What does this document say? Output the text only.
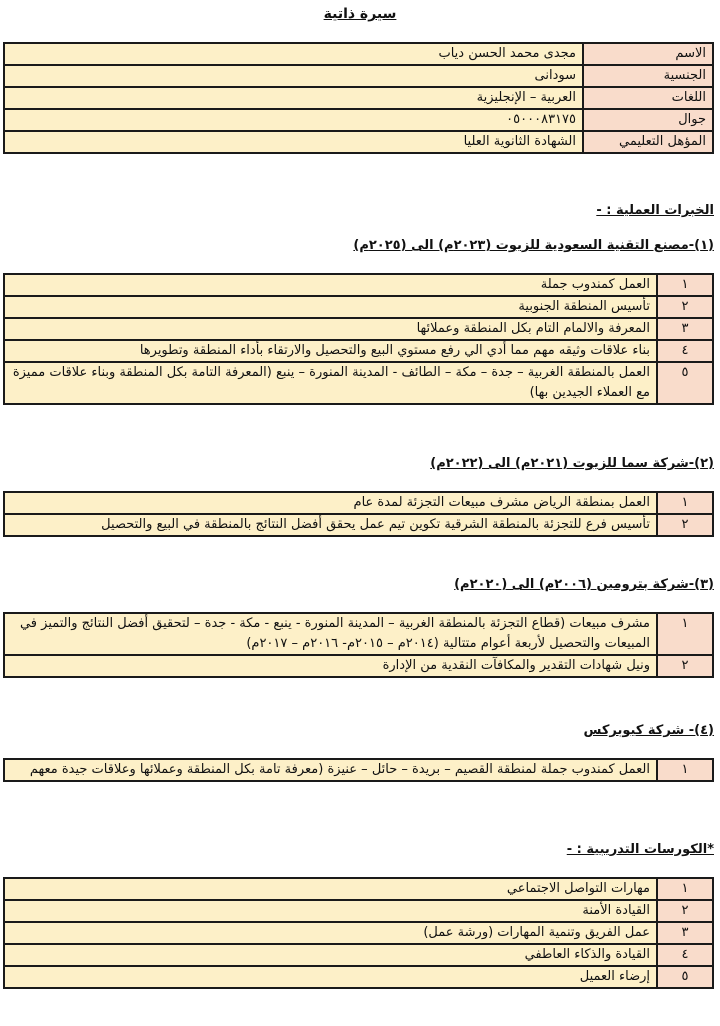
سيرة ذاتية
الاسم	مجدى محمد الحسن دياب
الجنسية	سودانى
اللغات	العربية – الإنجليزية
جوال	٠٥٠٠٠٨٣١٧٥
المؤهل التعليمي	الشهادة الثانوية العليا
الخبرات العملية : -
(١)-مصنع التقنية السعودية للزيوت (٢٠٢٣م) الى (٢٠٢٥م)
١	العمل كمندوب جملة
٢	تأسيس المنطقة الجنوبية
٣	المعرفة والالمام التام بكل المنطقة وعملائها
٤	بناء علاقات وثيقه مهم مما أدي الي رفع مستوي البيع والتحصيل والارتقاء بأداء المنطقة وتطويرها
٥	العمل بالمنطقة الغربية – جدة – مكة – الطائف - المدينة المنورة – ينبع (المعرفة التامة بكل المنطقة وبناء علاقات مميزة مع العملاء الجيدين بها)
(٢)-شركة سما للزيوت (٢٠٢١م) الى (٢٠٢٢م)
١	العمل بمنطقة الرياض مشرف مبيعات التجزئة لمدة عام
٢	تأسيس فرع للتجزئة بالمنطقة الشرقية تكوين تيم عمل يحقق أفضل النتائج بالمنطقة في البيع والتحصيل
(٣)-شركة بترومين (٢٠٠٦م) الى (٢٠٢٠م)
١	مشرف مبيعات (قطاع التجزئة بالمنطقة الغربية – المدينة المنورة - ينبع - مكة - جدة – لتحقيق أفضل النتائج والتميز في المبيعات والتحصيل لأربعة أعوام متتالية (٢٠١٤م – ٢٠١٥م- ٢٠١٦م – ٢٠١٧م)
٢	ونيل شهادات التقدير والمكافآت النقدية من الإدارة
(٤)- شركة كيوبركس
١	العمل كمندوب جملة لمنطقة القصيم – بريدة – حائل – عنيزة (معرفة تامة بكل المنطقة وعملائها وعلاقات جيدة معهم
*الكورسات التدريبية : -
١	مهارات التواصل الاجتماعي
٢	القيادة الأمنة
٣	عمل الفريق وتنمية المهارات (ورشة عمل)
٤	القيادة والذكاء العاطفي
٥	إرضاء العميل
